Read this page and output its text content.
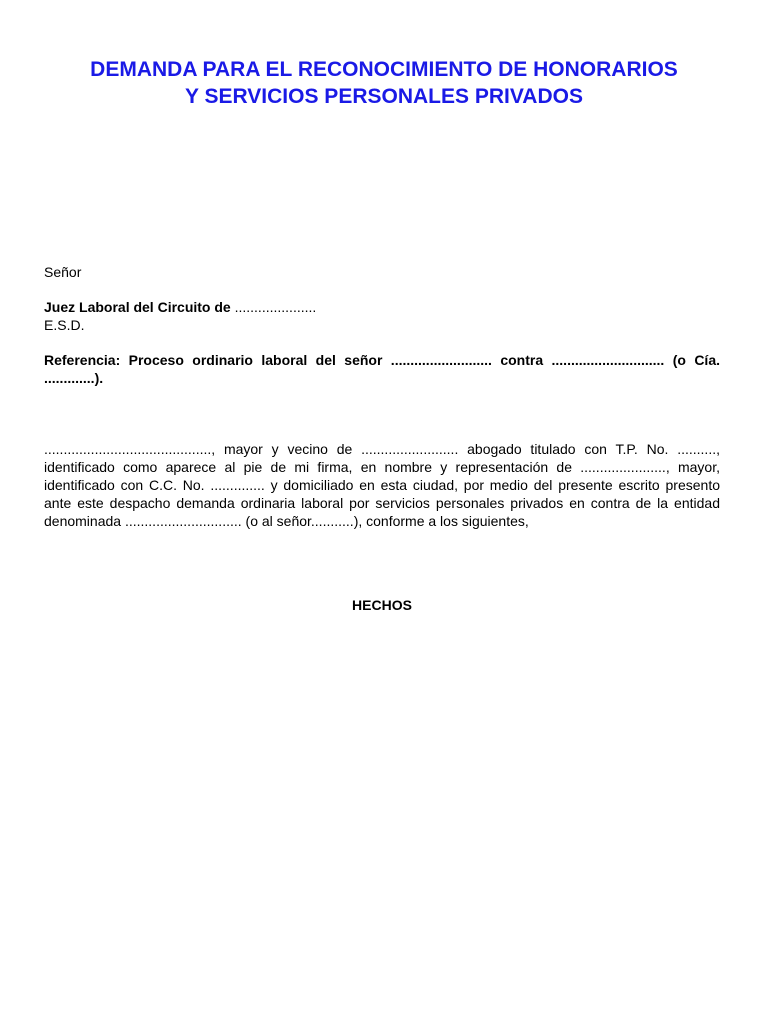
DEMANDA PARA EL RECONOCIMIENTO DE HONORARIOS
Y SERVICIOS PERSONALES PRIVADOS
Señor
Juez Laboral del Circuito de .....................
E.S.D.
Referencia: Proceso ordinario laboral del señor .......................... contra ............................. (o Cía. .............).
..........................................., mayor y vecino de ......................... abogado titulado con T.P. No. .........., identificado como aparece al pie de mi firma, en nombre y representación de ......................, mayor, identificado con C.C. No. .............. y domiciliado en esta ciudad, por medio del presente escrito presento ante este despacho demanda ordinaria laboral por servicios personales privados en contra de la entidad denominada .............................. (o al señor...........), conforme a los siguientes,
HECHOS
